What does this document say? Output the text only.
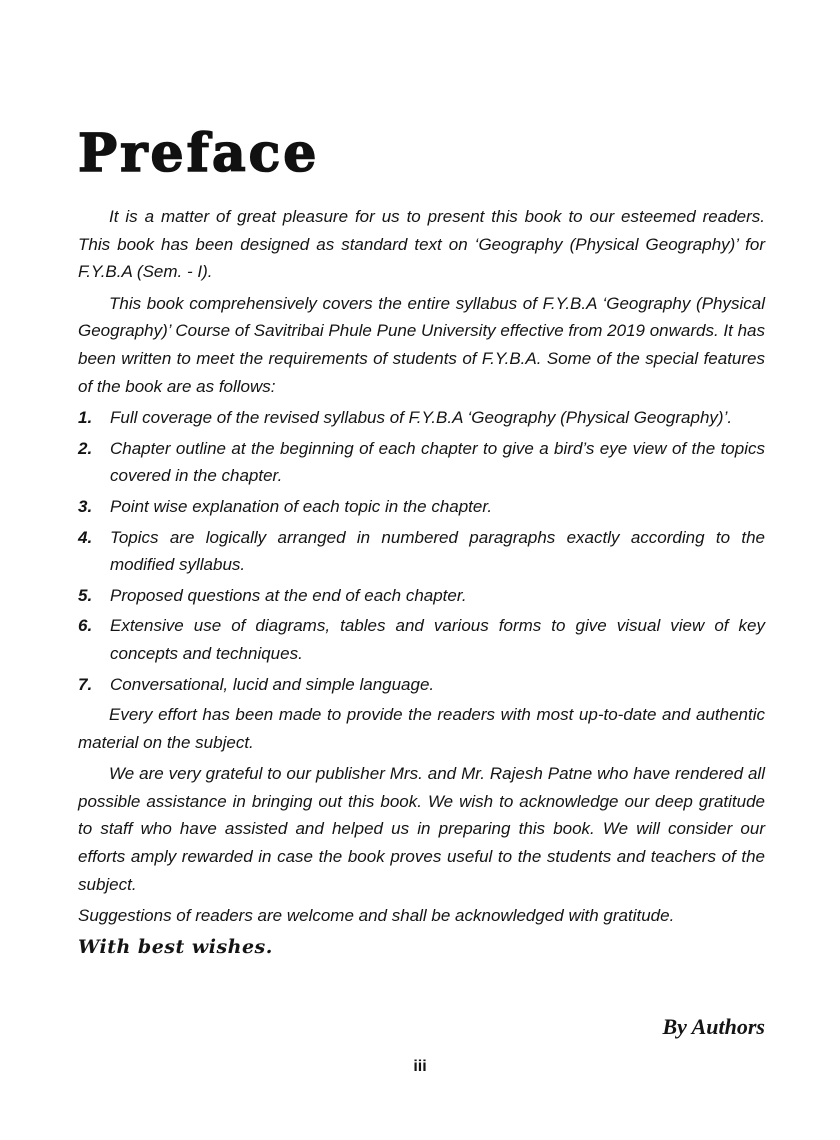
Preface

It is a matter of great pleasure for us to present this book to our esteemed readers. This book has been designed as standard text on ‘Geography (Physical Geography)’ for F.Y.B.A (Sem. - I).

This book comprehensively covers the entire syllabus of F.Y.B.A ‘Geography (Physical Geography)’ Course of Savitribai Phule Pune University effective from 2019 onwards. It has been written to meet the requirements of students of F.Y.B.A. Some of the special features of the book are as follows:

1. Full coverage of the revised syllabus of F.Y.B.A ‘Geography (Physical Geography)’.
2. Chapter outline at the beginning of each chapter to give a bird’s eye view of the topics covered in the chapter.
3. Point wise explanation of each topic in the chapter.
4. Topics are logically arranged in numbered paragraphs exactly according to the modified syllabus.
5. Proposed questions at the end of each chapter.
6. Extensive use of diagrams, tables and various forms to give visual view of key concepts and techniques.
7. Conversational, lucid and simple language.

Every effort has been made to provide the readers with most up-to-date and authentic material on the subject.

We are very grateful to our publisher Mrs. and Mr. Rajesh Patne who have rendered all possible assistance in bringing out this book. We wish to acknowledge our deep gratitude to staff who have assisted and helped us in preparing this book. We will consider our efforts amply rewarded in case the book proves useful to the students and teachers of the subject.

Suggestions of readers are welcome and shall be acknowledged with gratitude.

With best wishes.

By Authors
iii
